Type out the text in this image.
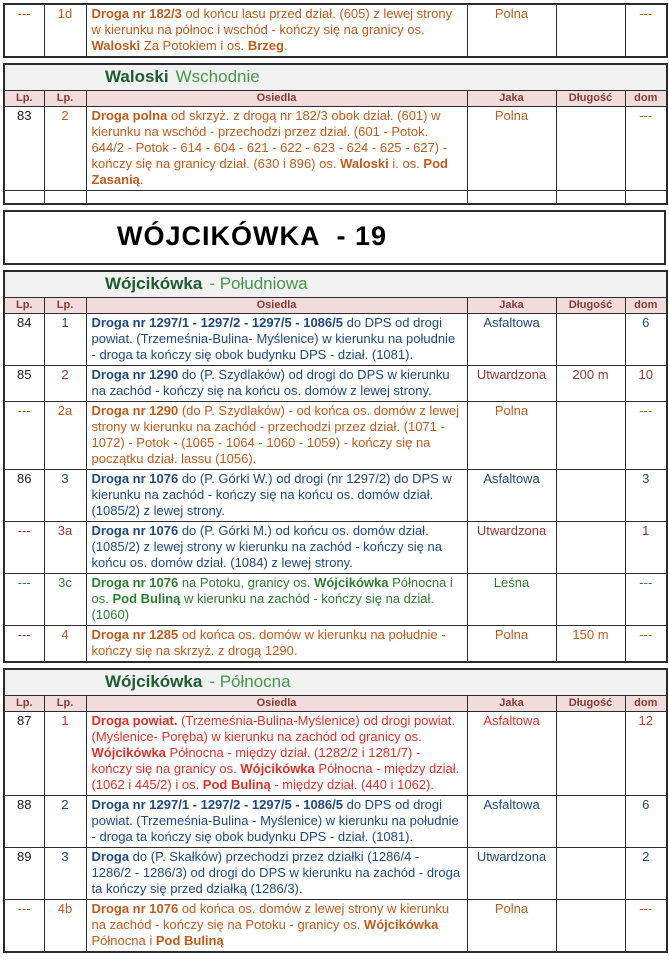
---	1d	Droga nr 182/3 od końcu lasu przed dział. (605) z lewej strony w kierunku na północ i wschód - kończy się na granicy os. Waloski Za Potokiem i os. Brzeg.	Polna		---
Waloski Wschodnie					
Lp.	Lp.	Osiedla	Jaka	Długość	dom
83	2	Droga polna od skrzyż. z drogą nr 182/3 obok dział. (601) w kierunku na wschód - przechodzi przez dział. (601 - Potok. 644/2 - Potok - 614 - 604 - 621 - 622 - 623 - 624 - 625 - 627) - kończy się na granicy dział. (630 i 896) os. Waloski i. os. Pod Zasanią.	Polna		---

WÓJCIKÓWKA  - 19
Wójcikówka - Południowa					
Lp.	Lp.	Osiedla	Jaka	Długość	dom
84	1	Droga nr 1297/1 - 1297/2 - 1297/5 - 1086/5 do DPS od drogi powiat. (Trzemeśnia-Bulina- Myślenice) w kierunku na południe - droga ta kończy się obok budynku DPS - dział. (1081).	Asfaltowa		6
85	2	Droga nr 1290 do (P. Szydlaków) od drogi do DPS w kierunku na zachód - kończy się na końcu os. domów z lewej strony.	Utwardzona	200 m	10
---	2a	Droga nr 1290 (do P. Szydlaków) - od końca os. domów z lewej strony w kierunku na zachód - przechodzi przez dział. (1071 - 1072) - Potok - (1065 - 1064 - 1060 - 1059) - kończy się na początku dział. lassu (1056).	Polna		---
86	3	Droga nr 1076 do (P. Górki W.) od drogi (nr 1297/2) do DPS w kierunku na zachód - kończy się na końcu os. domów dział. (1085/2) z lewej strony.	Asfaltowa		3
---	3a	Droga nr 1076 do (P. Górki M.) od końcu os. domów dział. (1085/2) z lewej strony w kierunku na zachód - kończy się na końcu os. domów dział. (1084) z lewej strony.	Utwardzona		1
---	3c	Droga nr 1076 na Potoku, granicy os. Wójcikówka Północna i os. Pod Buliną w kierunku na zachód - kończy się na dział. (1060)	Leśna		---
---	4	Droga nr 1285 od końca os. domów w kierunku na południe - kończy się na skrzyż. z drogą 1290.	Polna	150 m	---
Wójcikówka - Północna					
Lp.	Lp.	Osiedla	Jaka	Długość	dom
87	1	Droga powiat. (Trzemeśnia-Bulina-Myślenice) od drogi powiat. (Myślenice- Poręba) w kierunku na zachód od granicy os. Wójcikówka Północna - między dział. (1282/2 i 1281/7) - kończy się na granicy os. Wójcikówka Północna - między dział. (1062 i 445/2) i os. Pod Buliną - między dział. (440 i 1062).	Asfaltowa		12
88	2	Droga nr 1297/1 - 1297/2 - 1297/5 - 1086/5 do DPS od drogi powiat. (Trzemeśnia-Bulina - Myślenice) w kierunku na południe - droga ta kończy się obok budynku DPS - dział. (1081).	Asfaltowa		6
89	3	Droga do (P. Skałków) przechodzi przez działki (1286/4 - 1286/2 - 1286/3) od drogi do DPS w kierunku na zachód - droga ta kończy się przed działką (1286/3).	Utwardzona		2
---	4b	Droga nr 1076 od końca os. domów z lewej strony w kierunku na zachód - kończy się na Potoku - granicy os. Wójcikówka Północna i Pod Buliną	Polna		---
